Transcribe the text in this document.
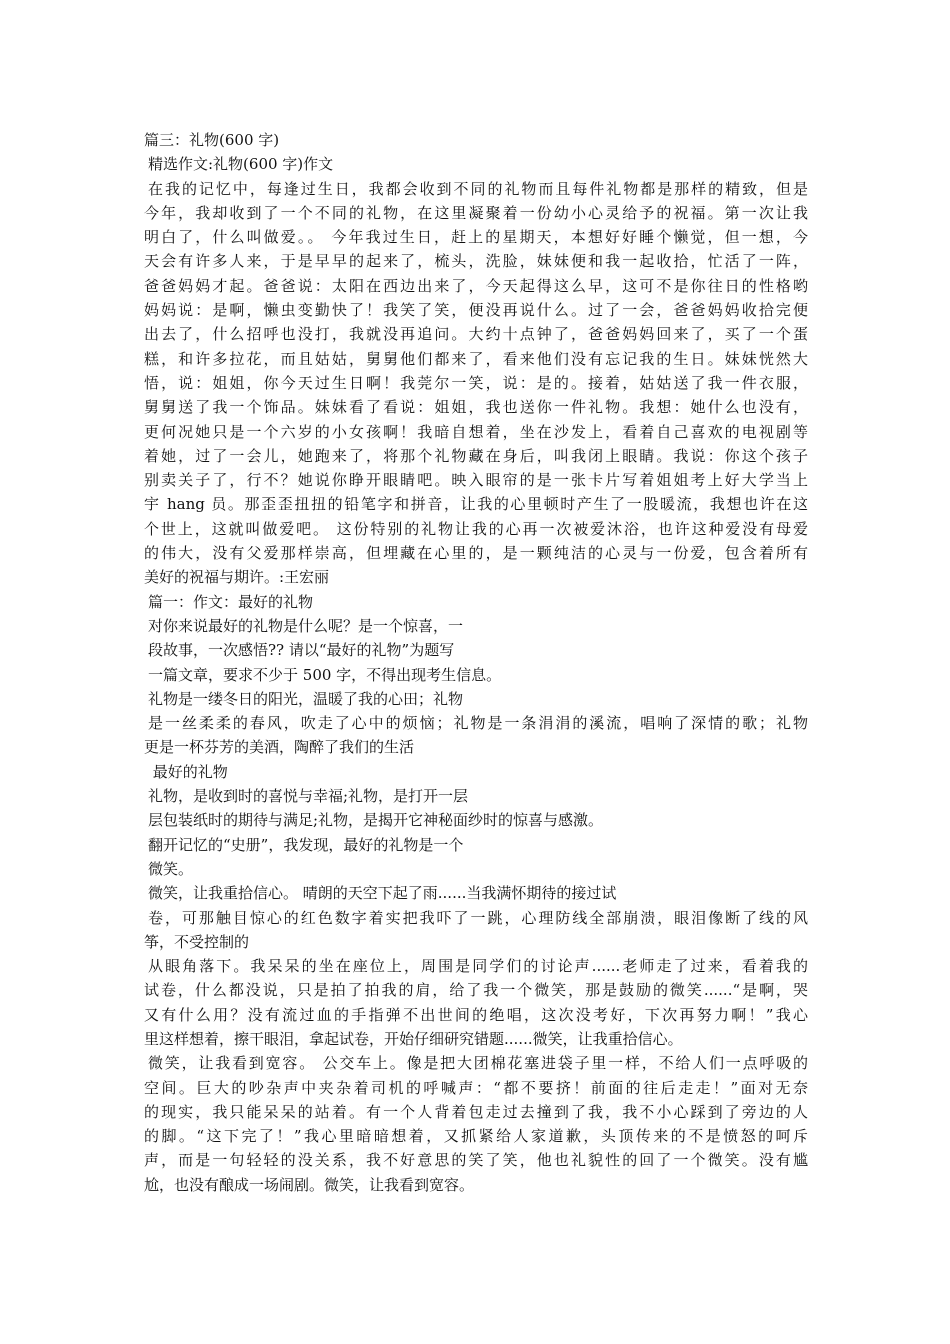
篇三：礼物(600 字)
精选作文:礼物(600 字)作文
在我的记忆中，每逢过生日，我都会收到不同的礼物而且每件礼物都是那样的精致，但是
今年，我却收到了一个不同的礼物，在这里凝聚着一份幼小心灵给予的祝福。第一次让我
明白了，什么叫做爱。。 今年我过生日，赶上的星期天，本想好好睡个懒觉，但一想，今
天会有许多人来，于是早早的起来了，梳头，洗脸，妹妹便和我一起收拾，忙活了一阵，
爸爸妈妈才起。爸爸说：太阳在西边出来了，今天起得这么早，这可不是你往日的性格哟
妈妈说：是啊，懒虫变勤快了！我笑了笑，便没再说什么。过了一会，爸爸妈妈收拾完便
出去了，什么招呼也没打，我就没再追问。大约十点钟了，爸爸妈妈回来了，买了一个蛋
糕，和许多拉花，而且姑姑，舅舅他们都来了，看来他们没有忘记我的生日。妹妹恍然大
悟，说：姐姐，你今天过生日啊！我莞尔一笑，说：是的。接着，姑姑送了我一件衣服，
舅舅送了我一个饰品。妹妹看了看说：姐姐，我也送你一件礼物。我想：她什么也没有，
更何况她只是一个六岁的小女孩啊！我暗自想着，坐在沙发上，看着自己喜欢的电视剧等
着她，过了一会儿，她跑来了，将那个礼物藏在身后，叫我闭上眼睛。我说：你这个孩子
别卖关子了，行不？她说你睁开眼睛吧。映入眼帘的是一张卡片写着姐姐考上好大学当上
宇 hang 员。那歪歪扭扭的铅笔字和拼音，让我的心里顿时产生了一股暖流，我想也许在这
个世上，这就叫做爱吧。 这份特别的礼物让我的心再一次被爱沐浴，也许这种爱没有母爱
的伟大，没有父爱那样崇高，但埋藏在心里的，是一颗纯洁的心灵与一份爱，包含着所有
美好的祝福与期许。:王宏丽
篇一：作文：最好的礼物
对你来说最好的礼物是什么呢？是一个惊喜，一
段故事，一次感悟?? 请以“最好的礼物”为题写
一篇文章，要求不少于 500 字，不得出现考生信息。
礼物是一缕冬日的阳光，温暖了我的心田；礼物
是一丝柔柔的春风，吹走了心中的烦恼；礼物是一条涓涓的溪流，唱响了深情的歌；礼物
更是一杯芬芳的美酒，陶醉了我们的生活
最好的礼物
礼物，是收到时的喜悦与幸福;礼物，是打开一层
层包装纸时的期待与满足;礼物，是揭开它神秘面纱时的惊喜与感激。
翻开记忆的“史册”，我发现，最好的礼物是一个
微笑。
微笑，让我重拾信心。 晴朗的天空下起了雨......当我满怀期待的接过试
卷，可那触目惊心的红色数字着实把我吓了一跳，心理防线全部崩溃，眼泪像断了线的风
筝，不受控制的
从眼角落下。我呆呆的坐在座位上，周围是同学们的讨论声......老师走了过来，看着我的
试卷，什么都没说，只是拍了拍我的肩，给了我一个微笑，那是鼓励的微笑......“是啊，哭
又有什么用？没有流过血的手指弹不出世间的绝唱，这次没考好，下次再努力啊！”我心
里这样想着，擦干眼泪，拿起试卷，开始仔细研究错题......微笑，让我重拾信心。
微笑，让我看到宽容。 公交车上。像是把大团棉花塞进袋子里一样，不给人们一点呼吸的
空间。巨大的吵杂声中夹杂着司机的呼喊声：“都不要挤！前面的往后走走！”面对无奈
的现实，我只能呆呆的站着。有一个人背着包走过去撞到了我，我不小心踩到了旁边的人
的脚。“这下完了！”我心里暗暗想着，又抓紧给人家道歉，头顶传来的不是愤怒的呵斥
声，而是一句轻轻的没关系，我不好意思的笑了笑，他也礼貌性的回了一个微笑。没有尴
尬，也没有酿成一场闹剧。微笑，让我看到宽容。
